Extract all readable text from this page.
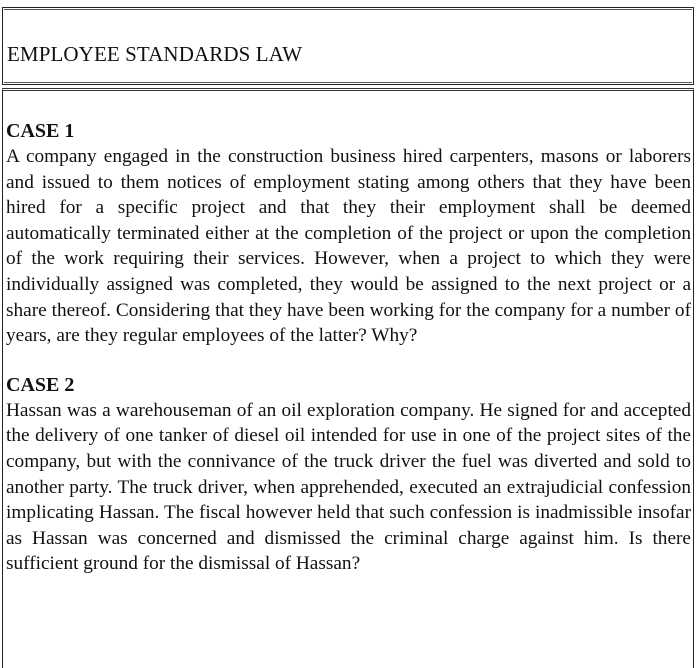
EMPLOYEE STANDARDS LAW
CASE 1

A company engaged in the construction business hired carpenters, masons or laborers and issued to them notices of employment stating among others that they have been hired for a specific project and that they their employment shall be deemed automatically terminated either at the completion of the project or upon the completion of the work requiring their services. However, when a project to which they were individually assigned was completed, they would be assigned to the next project or a share thereof. Considering that they have been working for the company for a number of years, are they regular employees of the latter? Why?

CASE 2

Hassan was a warehouseman of an oil exploration company. He signed for and accepted the delivery of one tanker of diesel oil intended for use in one of the project sites of the company, but with the connivance of the truck driver the fuel was diverted and sold to another party. The truck driver, when apprehended, executed an extrajudicial confession implicating Hassan. The fiscal however held that such confession is inadmissible insofar as Hassan was concerned and dismissed the criminal charge against him. Is there sufficient ground for the dismissal of Hassan?
